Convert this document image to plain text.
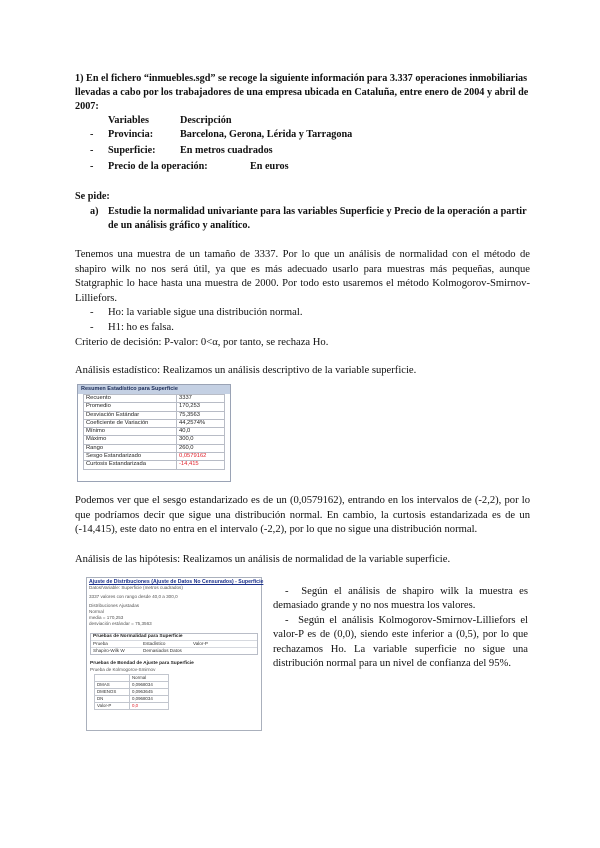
1) En el fichero “inmuebles.sgd” se recoge la siguiente información para 3.337 operaciones inmobiliarias llevadas a cabo por los trabajadores de una empresa ubicada en Cataluña, entre enero de 2004 y abril de 2007:
Variables	Descripción
- Provincia:	Barcelona, Gerona, Lérida y Tarragona
- Superficie: En metros cuadrados
- Precio de la operación:	En euros
Se pide:
a) Estudie la normalidad univariante para las variables Superficie y Precio de la operación a partir de un análisis gráfico y analítico.
Tenemos una muestra de un tamaño de 3337. Por lo que un análisis de normalidad con el método de shapiro wilk no nos será útil, ya que es más adecuado usarlo para muestras más pequeñas, aunque Statgraphic lo hace hasta una muestra de 2000. Por todo esto usaremos el método Kolmogorov-Smirnov-Lilliefors.
- Ho: la variable sigue una distribución normal.
- H1: ho es falsa.
Criterio de decisión: P-valor: 0<α, por tanto, se rechaza Ho.
Análisis estadístico: Realizamos un análisis descriptivo de la variable superficie.
Resumen Estadístico para Superficie
Recuento	3337
Promedio	170,253
Desviación Estándar	75,3563
Coeficiente de Variación	44,2574%
Mínimo	40,0
Máximo	300,0
Rango	260,0
Sesgo Estandarizado	0,0579162
Curtosis Estandarizada	-14,415
Podemos ver que el sesgo estandarizado es de un (0,0579162), entrando en los intervalos de (-2,2), por lo que podríamos decir que sigue una distribución normal. En cambio, la curtosis estandarizada es de un (-14,415), este dato no entra en el intervalo (-2,2), por lo que no sigue una distribución normal.
Análisis de las hipótesis: Realizamos un análisis de normalidad de la variable superficie.
Ajuste de Distribuciones (Ajuste de Datos No Censurados) - Superficie
Datos/Variable: Superficie (metros cuadrados)
3337 valores con rango desde 40,0 a 300,0
Distribuciones Ajustadas
Normal
media = 170,253
desviación estándar = 75,3563
Pruebas de Normalidad para Superficie
Prueba	Estadístico	Valor-P
Shapiro-Wilk W	Demasiados Datos
Pruebas de Bondad de Ajuste para Superficie
Prueba de Kolmogorov-Smirnov
	Normal
DMAS	0,0968034
DMENOS	0,0963645
DN	0,0968034
Valor-P	0,0
-  Según el análisis de shapiro wilk la muestra es demasiado grande y no nos muestra los valores.
-  Según el análisis Kolmogorov-Smirnov-Lilliefors el valor-P es de (0,0), siendo este inferior a (0,5), por lo que rechazamos Ho. La variable superficie no sigue una distribución normal para un nivel de confianza del 95%.
